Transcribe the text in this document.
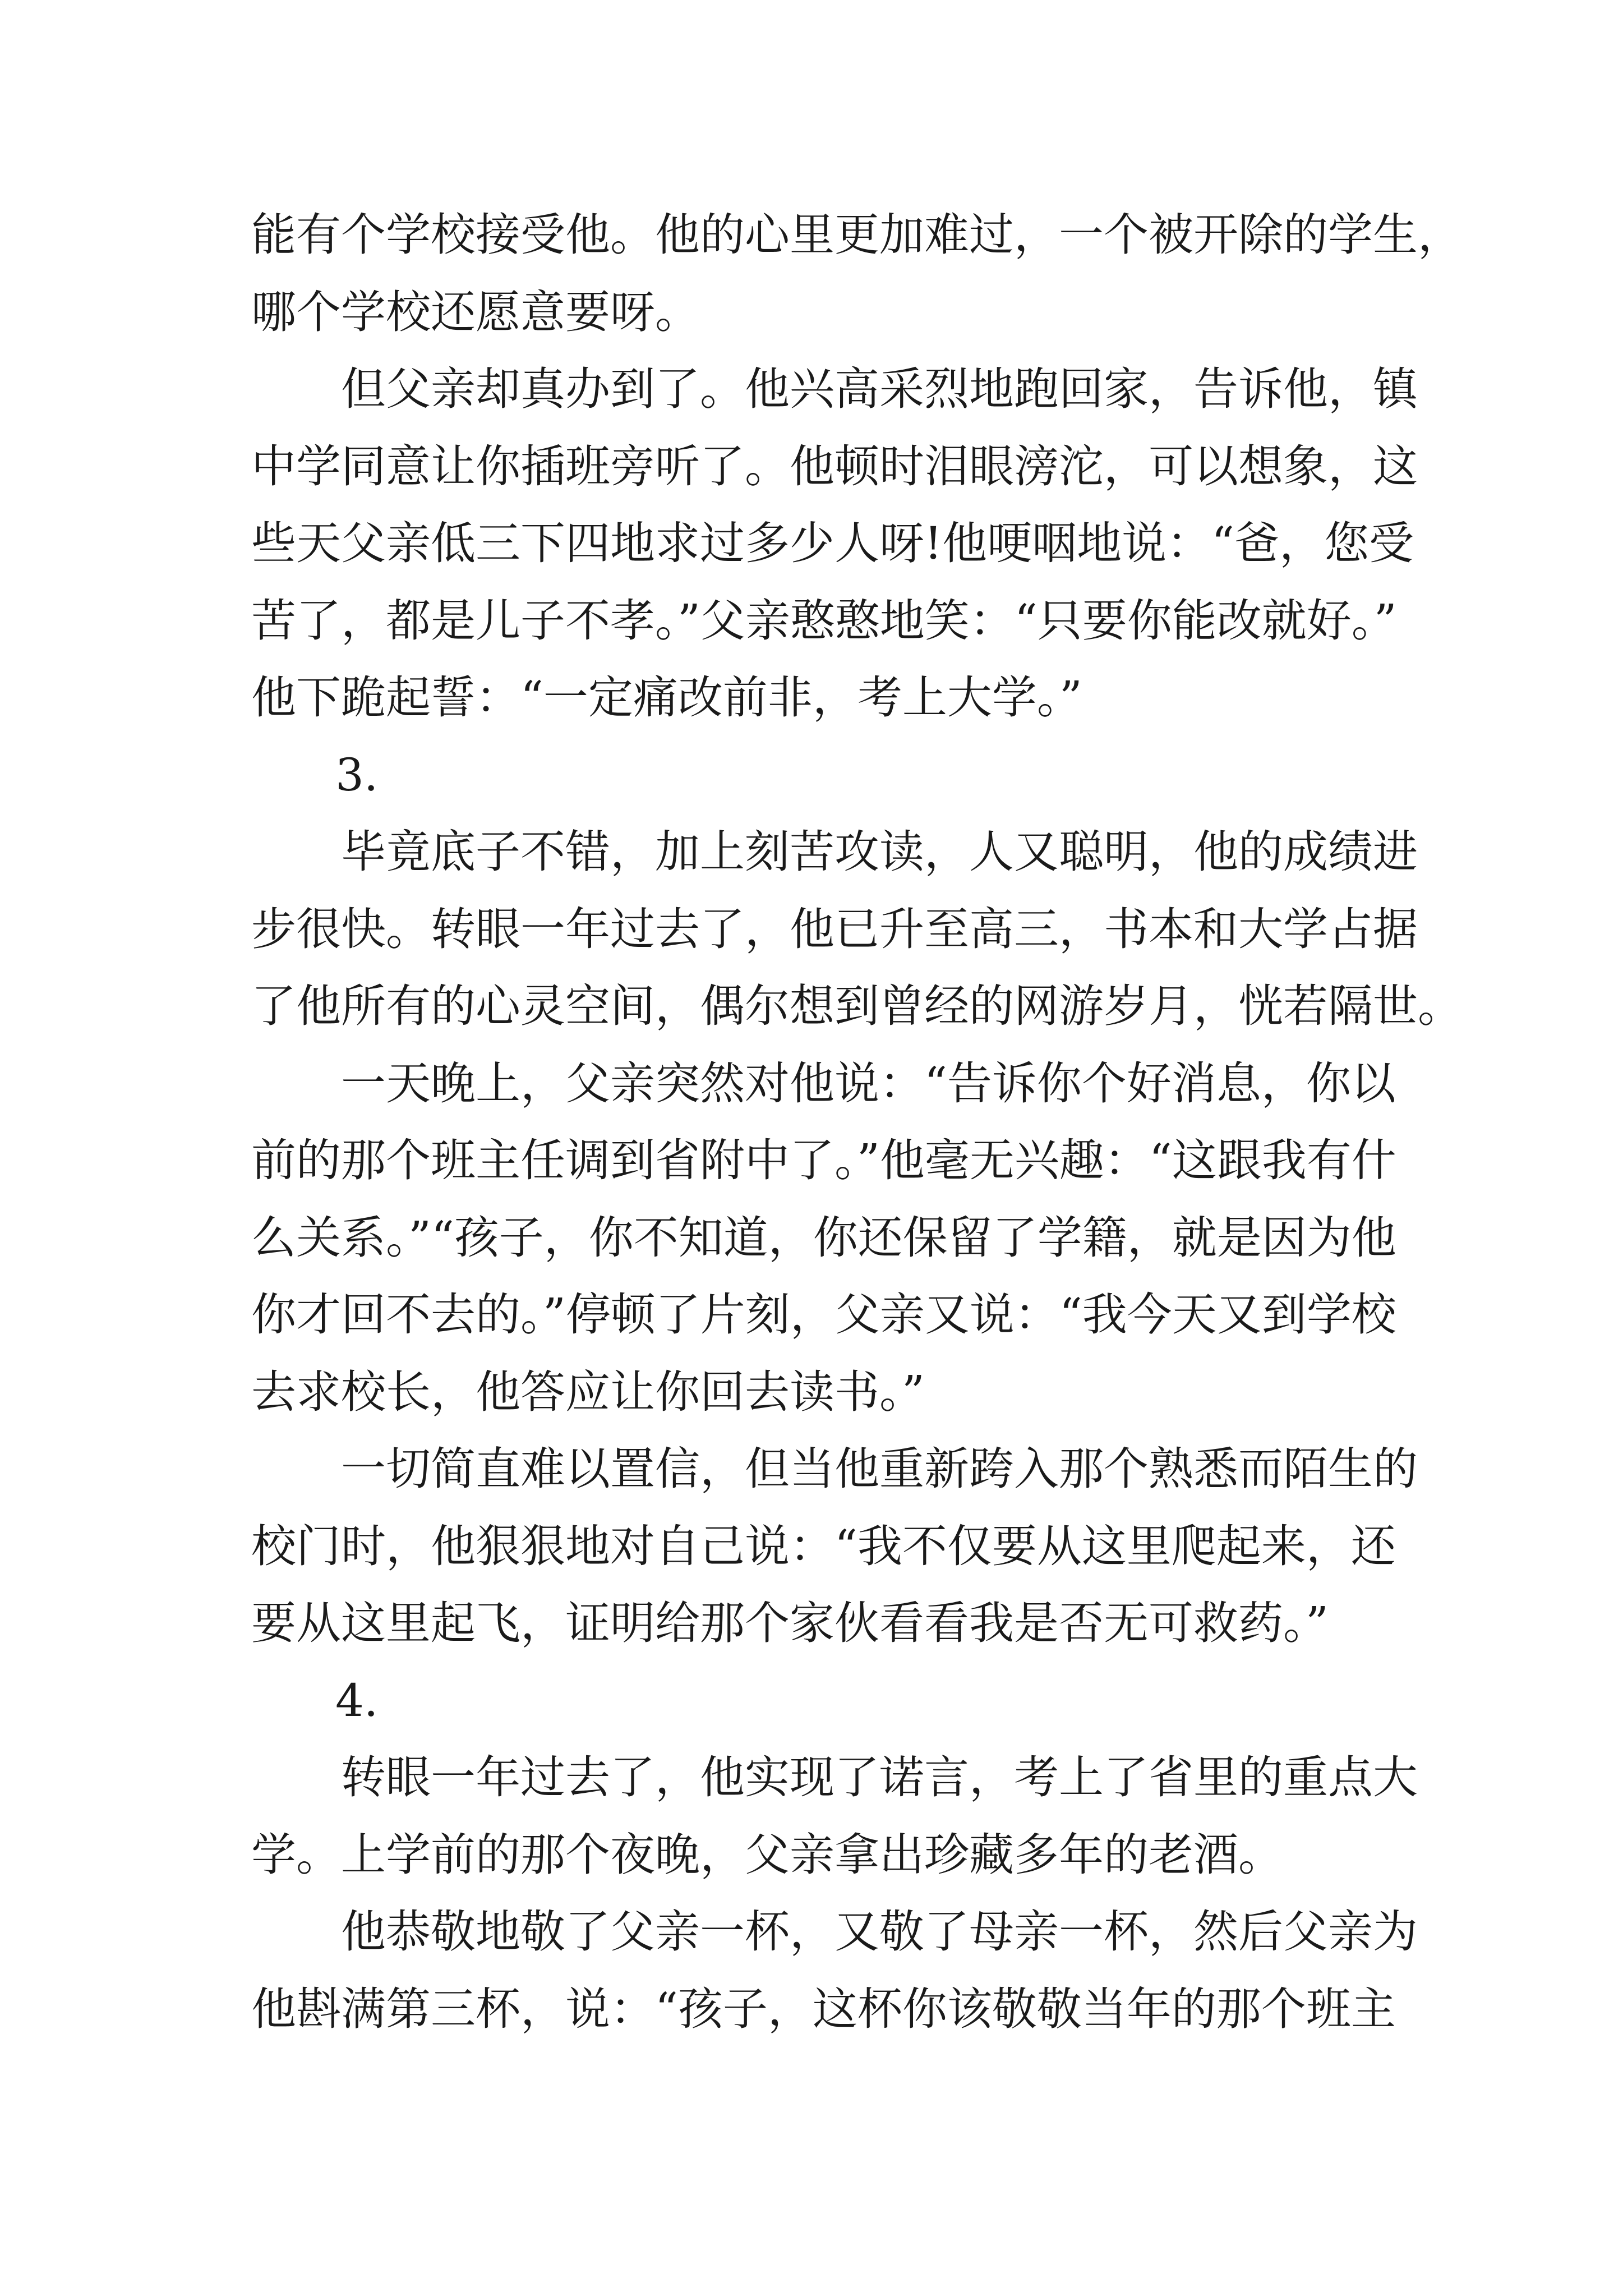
能有个学校接受他。他的心里更加难过，一个被开除的学生，
哪个学校还愿意要呀。
但父亲却真办到了。他兴高采烈地跑回家，告诉他，镇
中学同意让你插班旁听了。他顿时泪眼滂沱，可以想象，这
些天父亲低三下四地求过多少人呀!他哽咽地说：“爸，您受
苦了，都是儿子不孝。”父亲憨憨地笑：“只要你能改就好。”
他下跪起誓：“一定痛改前非，考上大学。”
3.
毕竟底子不错，加上刻苦攻读，人又聪明，他的成绩进
步很快。转眼一年过去了，他已升至高三，书本和大学占据
了他所有的心灵空间，偶尔想到曾经的网游岁月，恍若隔世。
一天晚上，父亲突然对他说：“告诉你个好消息，你以
前的那个班主任调到省附中了。”他毫无兴趣：“这跟我有什
么关系。”“孩子，你不知道，你还保留了学籍，就是因为他
你才回不去的。”停顿了片刻，父亲又说：“我今天又到学校
去求校长，他答应让你回去读书。”
一切简直难以置信，但当他重新跨入那个熟悉而陌生的
校门时，他狠狠地对自己说：“我不仅要从这里爬起来，还
要从这里起飞，证明给那个家伙看看我是否无可救药。”
4.
转眼一年过去了，他实现了诺言，考上了省里的重点大
学。上学前的那个夜晚，父亲拿出珍藏多年的老酒。
他恭敬地敬了父亲一杯，又敬了母亲一杯，然后父亲为
他斟满第三杯，说：“孩子，这杯你该敬敬当年的那个班主
